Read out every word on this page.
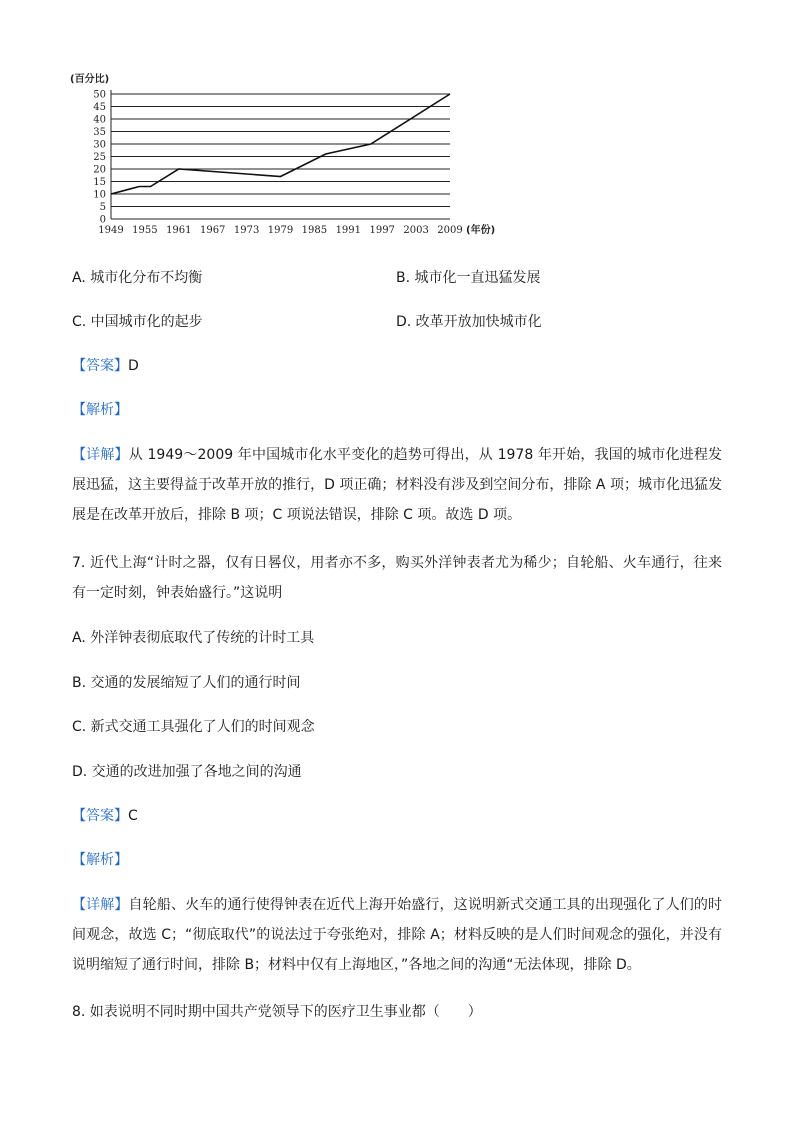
0
5
10
15
20
25
30
35
40
45
50
1949 1955 1961 1967 1973 1979 1985 1991 1997 2003 2009
(百分比)
(年份)
A. 城市化分布不均衡	B. 城市化一直迅猛发展
C. 中国城市化的起步	D. 改革开放加快城市化
【答案】D
【解析】

【详解】从 1949～2009 年中国城市化水平变化的趋势可得出，从 1978 年开始，我国的城市化进程发展迅猛，这主要得益于改革开放的推行，D 项正确；材料没有涉及到空间分布，排除 A 项；城市化迅猛发展是在改革开放后，排除 B 项；C 项说法错误，排除 C 项。故选 D 项。

7. 近代上海“计时之器，仅有日晷仪，用者亦不多，购买外洋钟表者尤为稀少；自轮船、火车通行，往来有一定时刻，钟表始盛行。”这说明

A. 外洋钟表彻底取代了传统的计时工具
B. 交通的发展缩短了人们的通行时间
C. 新式交通工具强化了人们的时间观念
D. 交通的改进加强了各地之间的沟通
【答案】C
【解析】

【详解】自轮船、火车的通行使得钟表在近代上海开始盛行，这说明新式交通工具的出现强化了人们的时间观念，故选 C；“彻底取代”的说法过于夸张绝对，排除 A；材料反映的是人们时间观念的强化，并没有说明缩短了通行时间，排除 B；材料中仅有上海地区，”各地之间的沟通“无法体现，排除 D。

8. 如表说明不同时期中国共产党领导下的医疗卫生事业都（　　）
